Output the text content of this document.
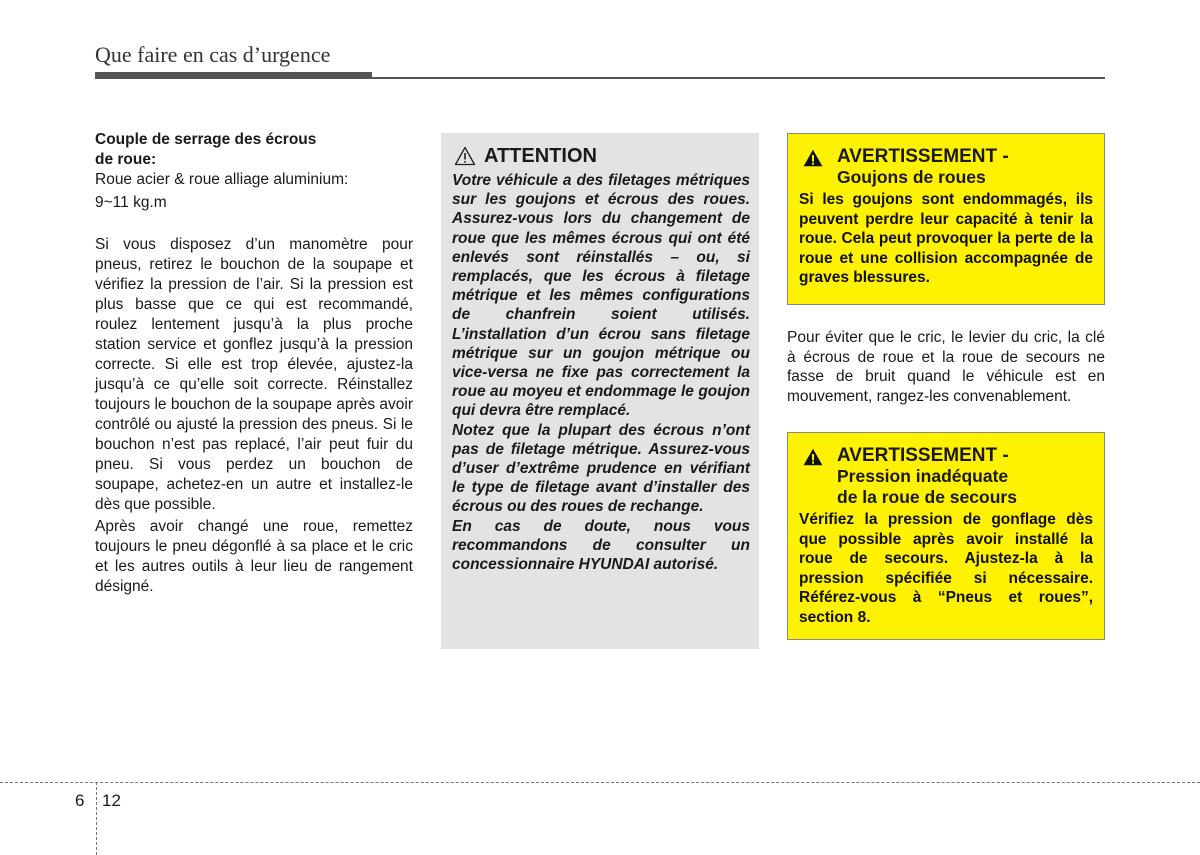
Que faire en cas d’urgence

Couple de serrage des écrous

de roue:

Roue acier & roue alliage aluminium:

9~11 kg.m

Si vous disposez d’un manomètre pour pneus, retirez le bouchon de la soupape et vérifiez la pression de l’air. Si la pression est plus basse que ce qui est recommandé, roulez lentement jusqu’à la plus proche station service et gonflez jusqu’à la pression correcte. Si elle est trop élevée, ajustez-la jusqu’à ce qu’elle soit correcte. Réinstallez toujours le bouchon de la soupape après avoir contrôlé ou ajusté la pression des pneus. Si le bouchon n’est pas replacé, l’air peut fuir du pneu. Si vous perdez un bouchon de soupape, achetez-en un autre et installez-le dès que possible.

Après avoir changé une roue, remettez toujours le pneu dégonflé à sa place et le cric et les autres outils à leur lieu de rangement désigné.

ATTENTION

Votre véhicule a des filetages métriques sur les goujons et écrous des roues. Assurez-vous lors du changement de roue que les mêmes écrous qui ont été enlevés sont réinstallés – ou, si remplacés, que les écrous à filetage métrique et les mêmes configurations de chanfrein soient utilisés. L’installation d’un écrou sans filetage métrique sur un goujon métrique ou vice-versa ne fixe pas correctement la roue au moyeu et endommage le goujon qui devra être remplacé.

Notez que la plupart des écrous n’ont pas de filetage métrique. Assurez-vous d’user d’extrême prudence en vérifiant le type de filetage avant d’installer des écrous ou des roues de rechange.

En cas de doute, nous vous recommandons de consulter un concessionnaire HYUNDAI autorisé.

AVERTISSEMENT -
Goujons de roues

Si les goujons sont endommagés, ils peuvent perdre leur capacité à tenir la roue. Cela peut provoquer la perte de la roue et une collision accompagnée de graves blessures.

Pour éviter que le cric, le levier du cric, la clé à écrous de roue et la roue de secours ne fasse de bruit quand le véhicule est en mouvement, rangez-les convenablement.

AVERTISSEMENT -
Pression inadéquate
de la roue de secours

Vérifiez la pression de gonflage dès que possible après avoir installé la roue de secours. Ajustez-la à la pression spécifiée si nécessaire. Référez-vous à “Pneus et roues”, section 8.

6 12
